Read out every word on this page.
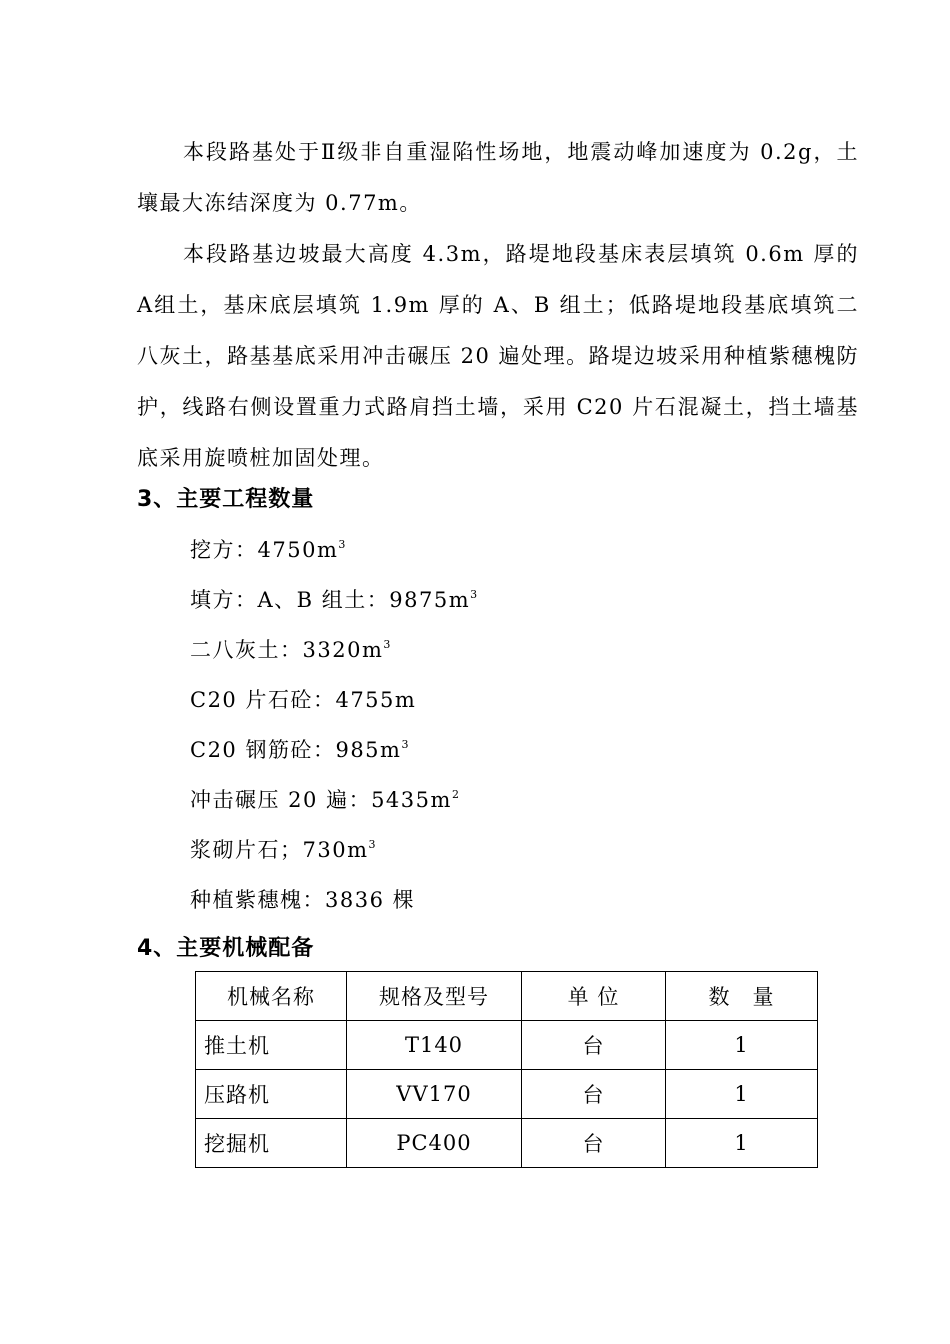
本段路基处于Ⅱ级非自重湿陷性场地，地震动峰加速度为 0.2g，土壤最大冻结深度为 0.77m。

本段路基边坡最大高度 4.3m，路堤地段基床表层填筑 0.6m 厚的A组土，基床底层填筑 1.9m 厚的 A、B 组土；低路堤地段基底填筑二八灰土，路基基底采用冲击碾压 20 遍处理。路堤边坡采用种植紫穗槐防护，线路右侧设置重力式路肩挡土墙，采用 C20 片石混凝土，挡土墙基底采用旋喷桩加固处理。

3、主要工程数量
挖方：$4750m^3$
填方：A、B 组土：$9875m^3$
二八灰土：$3320m^3$
C20 片石砼：4755m
C20 钢筋砼：$985m^3$
冲击碾压 20 遍：$5435m^2$
浆砌片石；$730m^3$
种植紫穗槐：3836 棵
4、主要机械配备
机械名称	规格及型号	单 位	数　量
推土机	T140	台	1
压路机	VV170	台	1
挖掘机	PC400	台	1
